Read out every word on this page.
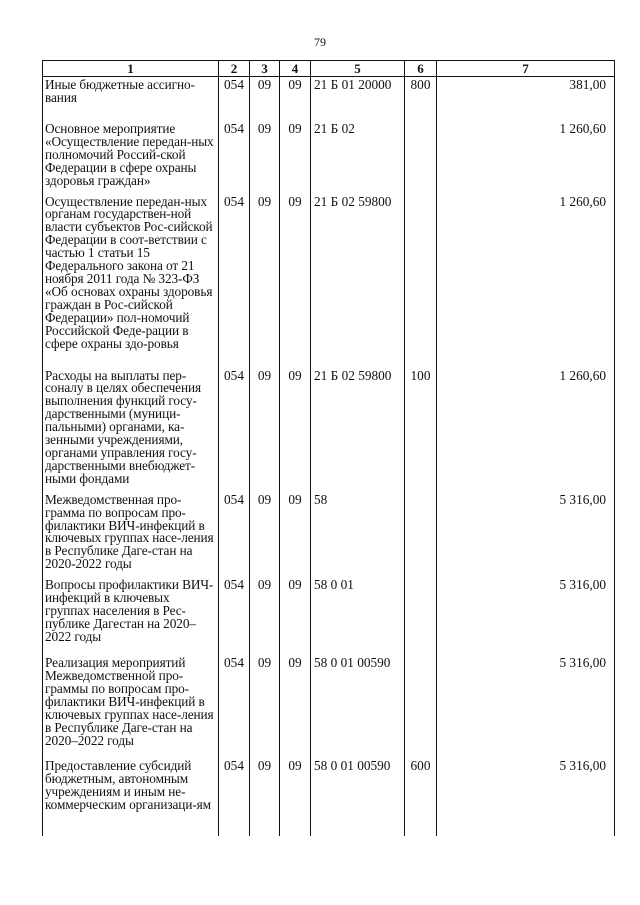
79
1	2	3	4	5	6	7
Иные бюджетные ассигно-вания	054	09	09	21 Б 01 20000	800	381,00
Основное мероприятие «Осуществление передан-ных полномочий Россий-ской Федерации в сфере охраны здоровья граждан»	054	09	09	21 Б 02		1 260,60
Осуществление передан-ных органам государствен-ной власти субъектов Рос-сийской Федерации в соот-ветствии с частью 1 статьи 15 Федерального закона от 21 ноября 2011 года № 323-ФЗ «Об основах охраны здоровья граждан в Рос-сийской Федерации» пол-номочий Российской Феде-рации в сфере охраны здо-ровья	054	09	09	21 Б 02 59800		1 260,60
Расходы на выплаты пер-соналу в целях обеспечения выполнения функций госу-дарственными (муници-пальными) органами, ка-зенными учреждениями, органами управления госу-дарственными внебюджет-ными фондами	054	09	09	21 Б 02 59800	100	1 260,60
Межведомственная про-грамма по вопросам про-филактики ВИЧ-инфекций в ключевых группах насе-ления в Республике Даге-стан на 2020-2022 годы	054	09	09	58		5 316,00
Вопросы профилактики ВИЧ-инфекций в ключевых группах населения в Рес-публике Дагестан на 2020–2022 годы	054	09	09	58 0 01		5 316,00
Реализация мероприятий Межведомственной про-граммы по вопросам про-филактики ВИЧ-инфекций в ключевых группах насе-ления в Республике Даге-стан на 2020–2022 годы	054	09	09	58 0 01 00590		5 316,00
Предоставление субсидий бюджетным, автономным учреждениям и иным не-коммерческим организаци-ям	054	09	09	58 0 01 00590	600	5 316,00
